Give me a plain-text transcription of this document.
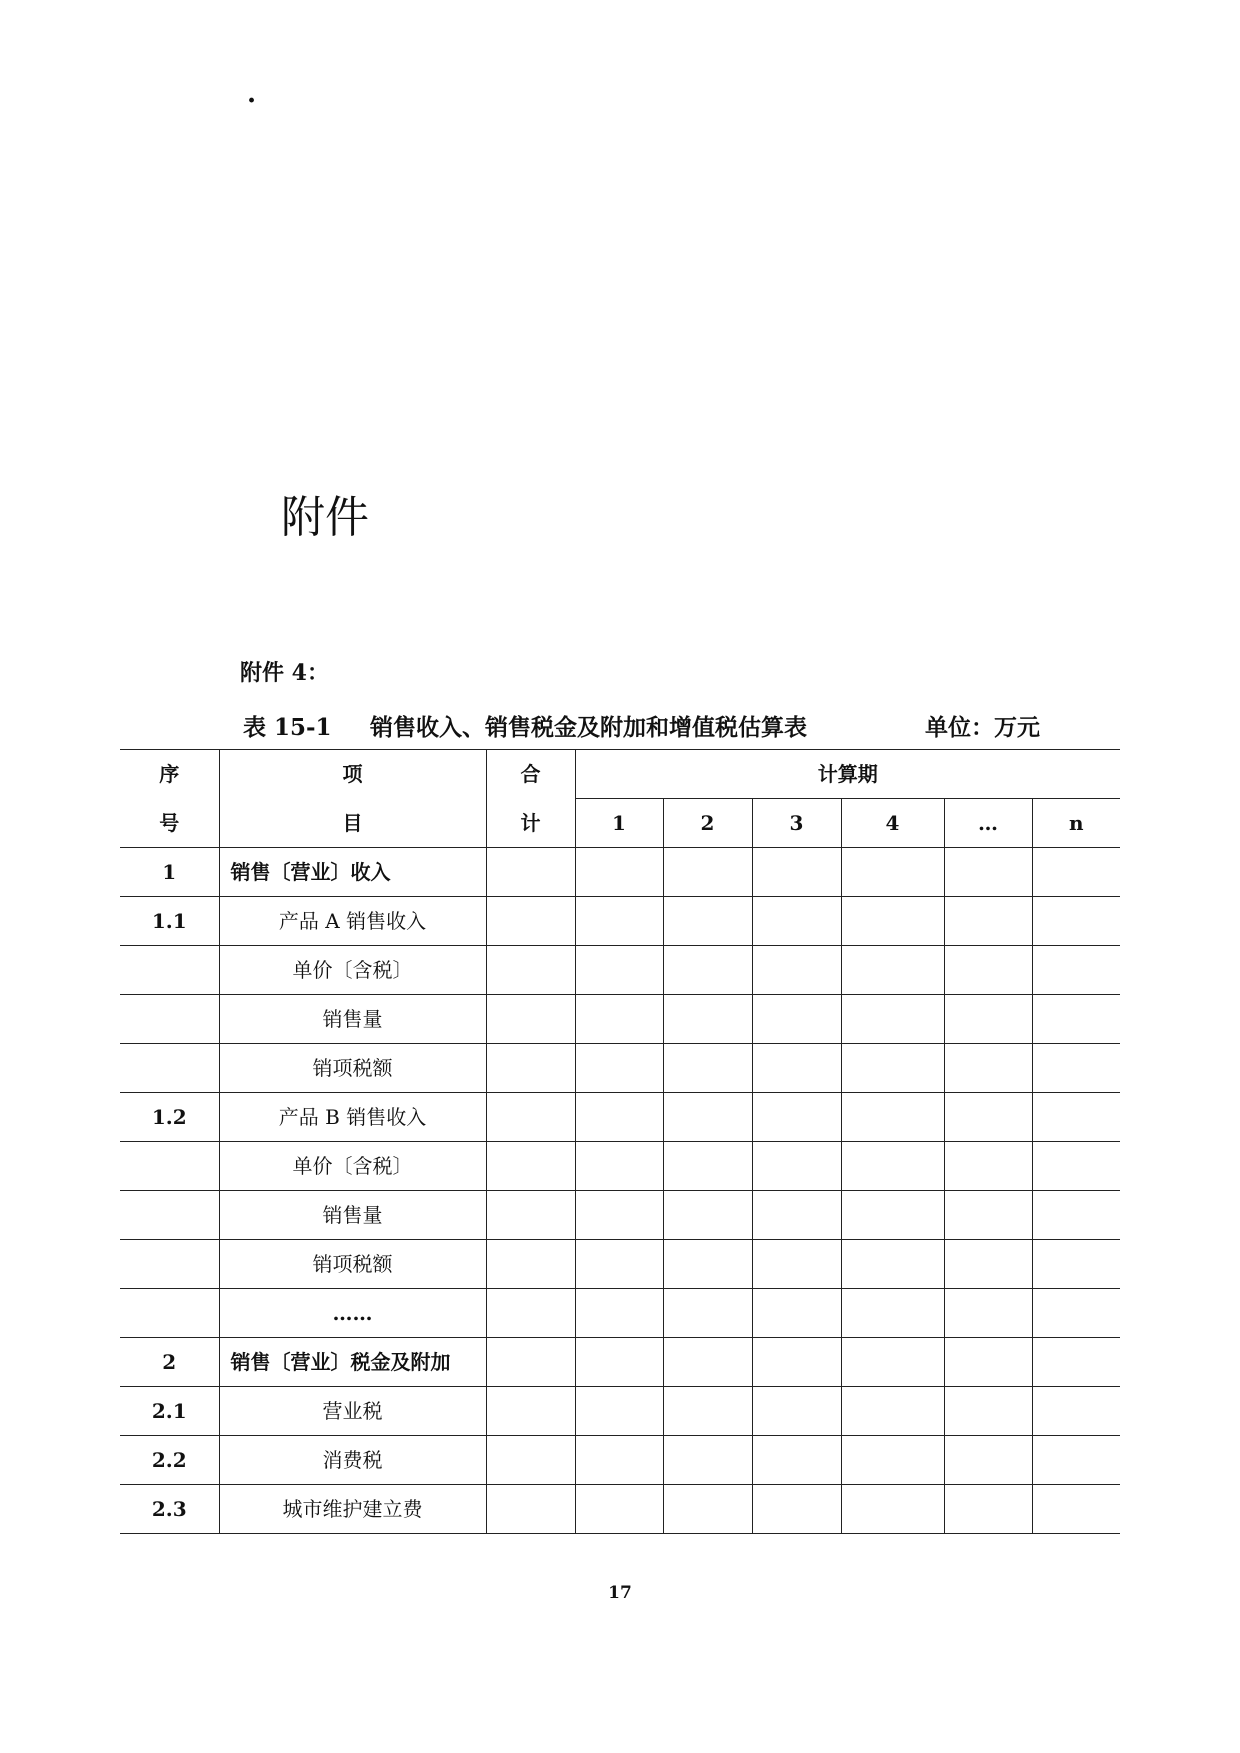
·
附件
附件 4：
表 15-1 销售收入、销售税金及附加和增值税估算表	单位：万元
序	项	合	计算期					
号	目	计	1	2	3	4	…	n
1	销售〔营业〕收入							
1.1	产品 A 销售收入							
	单价〔含税〕							
	销售量							
	销项税额							
1.2	产品 B 销售收入							
	单价〔含税〕							
	销售量							
	销项税额							
	……							
2	销售〔营业〕税金及附加							
2.1	营业税							
2.2	消费税							
2.3	城市维护建立费							
17
